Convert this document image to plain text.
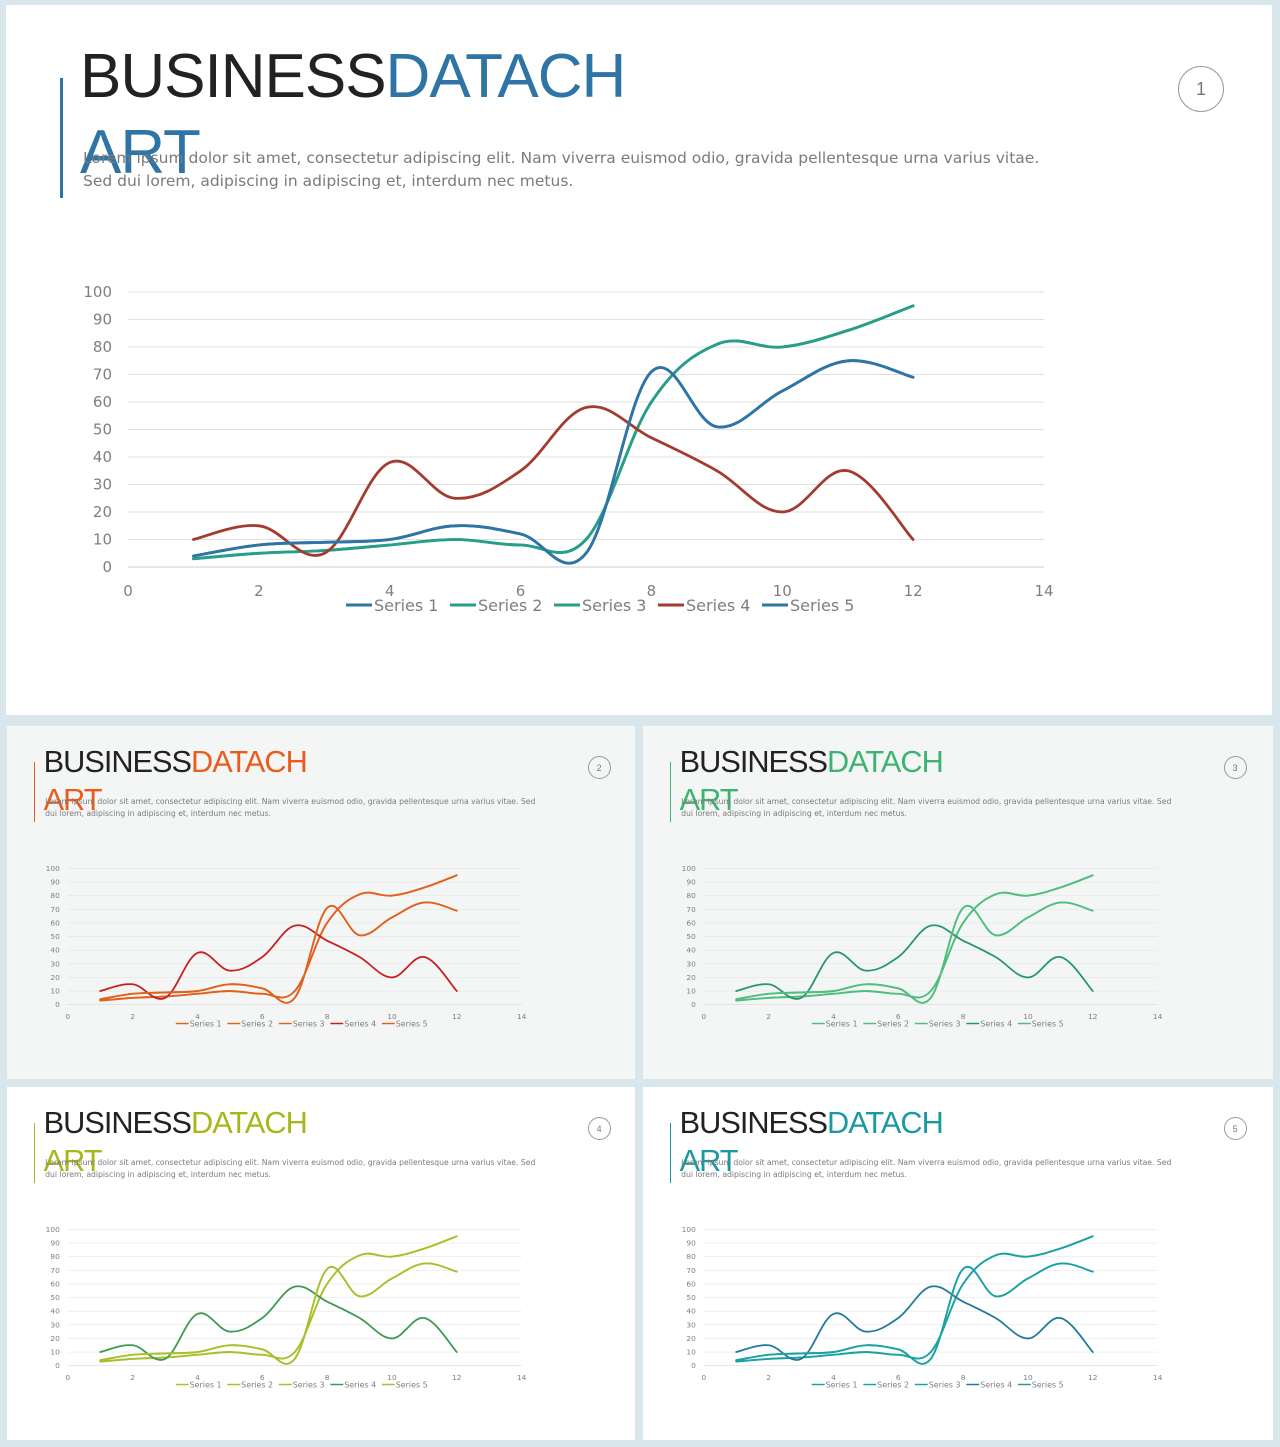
BUSINESSDATACH
ART

Lorem ipsum dolor sit amet, consectetur adipiscing elit. Nam viverra euismod odio, gravida pellentesque urna varius vitae. Sed dui lorem, adipiscing in adipiscing et, interdum nec metus.

1
0
10
20
30
40
50
60
70
80
90
100
0	2	4	6	8	10	12	14
Series 1 Series 2 Series 3 Series 4 Series 5
BUSINESSDATACH
ART

Lorem ipsum dolor sit amet, consectetur adipiscing elit. Nam viverra euismod odio, gravida pellentesque urna varius vitae. Sed dui lorem, adipiscing in adipiscing et, interdum nec metus.

2
0
10
20
30
40
50
60
70
80
90
100
0	2	4	6	8	10	12	14
Series 1 Series 2 Series 3 Series 4 Series 5
BUSINESSDATACH
ART

Lorem ipsum dolor sit amet, consectetur adipiscing elit. Nam viverra euismod odio, gravida pellentesque urna varius vitae. Sed dui lorem, adipiscing in adipiscing et, interdum nec metus.

3
0
10
20
30
40
50
60
70
80
90
100
0	2	4	6	8	10	12	14
Series 1 Series 2 Series 3 Series 4 Series 5
BUSINESSDATACH
ART

Lorem ipsum dolor sit amet, consectetur adipiscing elit. Nam viverra euismod odio, gravida pellentesque urna varius vitae. Sed dui lorem, adipiscing in adipiscing et, interdum nec metus.

4
0
10
20
30
40
50
60
70
80
90
100
0	2	4	6	8	10	12	14
Series 1 Series 2 Series 3 Series 4 Series 5
BUSINESSDATACH
ART

Lorem ipsum dolor sit amet, consectetur adipiscing elit. Nam viverra euismod odio, gravida pellentesque urna varius vitae. Sed dui lorem, adipiscing in adipiscing et, interdum nec metus.

5
0
10
20
30
40
50
60
70
80
90
100
0	2	4	6	8	10	12	14
Series 1 Series 2 Series 3 Series 4 Series 5
